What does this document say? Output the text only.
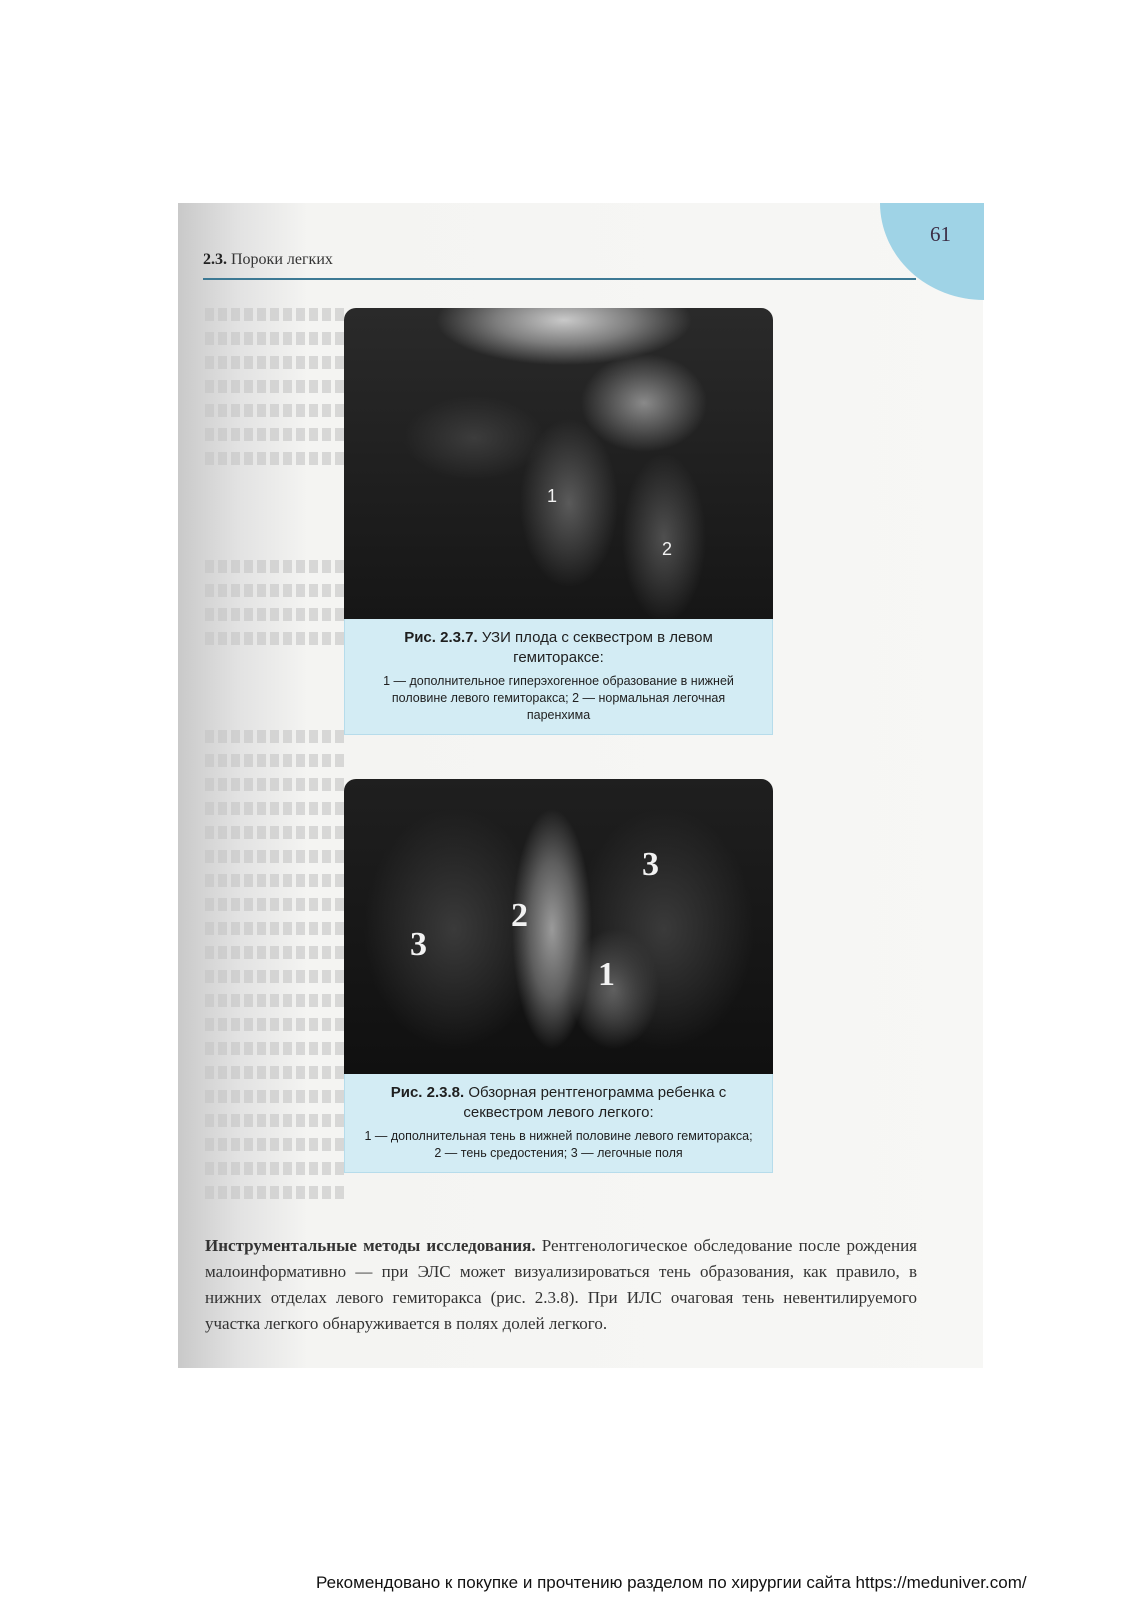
61
2.3. Пороки легких
1
2
Рис. 2.3.7. УЗИ плода с секвестром в левом гемитораксе:
1 — дополнительное гиперэхогенное образование в нижней половине левого гемиторакса; 2 — нормальная легочная паренхима
3
2
3
1
Рис. 2.3.8. Обзорная рентгенограмма ребенка с секвестром левого легкого:
1 — дополнительная тень в нижней половине левого гемиторакса; 2 — тень средостения; 3 — легочные поля
Инструментальные методы исследования. Рентгенологическое обследование после рождения малоинформативно — при ЭЛС может визуализироваться тень образования, как правило, в нижних отделах левого гемиторакса (рис. 2.3.8). При ИЛС очаговая тень невентилируемого участка легкого обнаруживается в полях долей легкого.
Рекомендовано к покупке и прочтению разделом по хирургии сайта https://meduniver.com/
